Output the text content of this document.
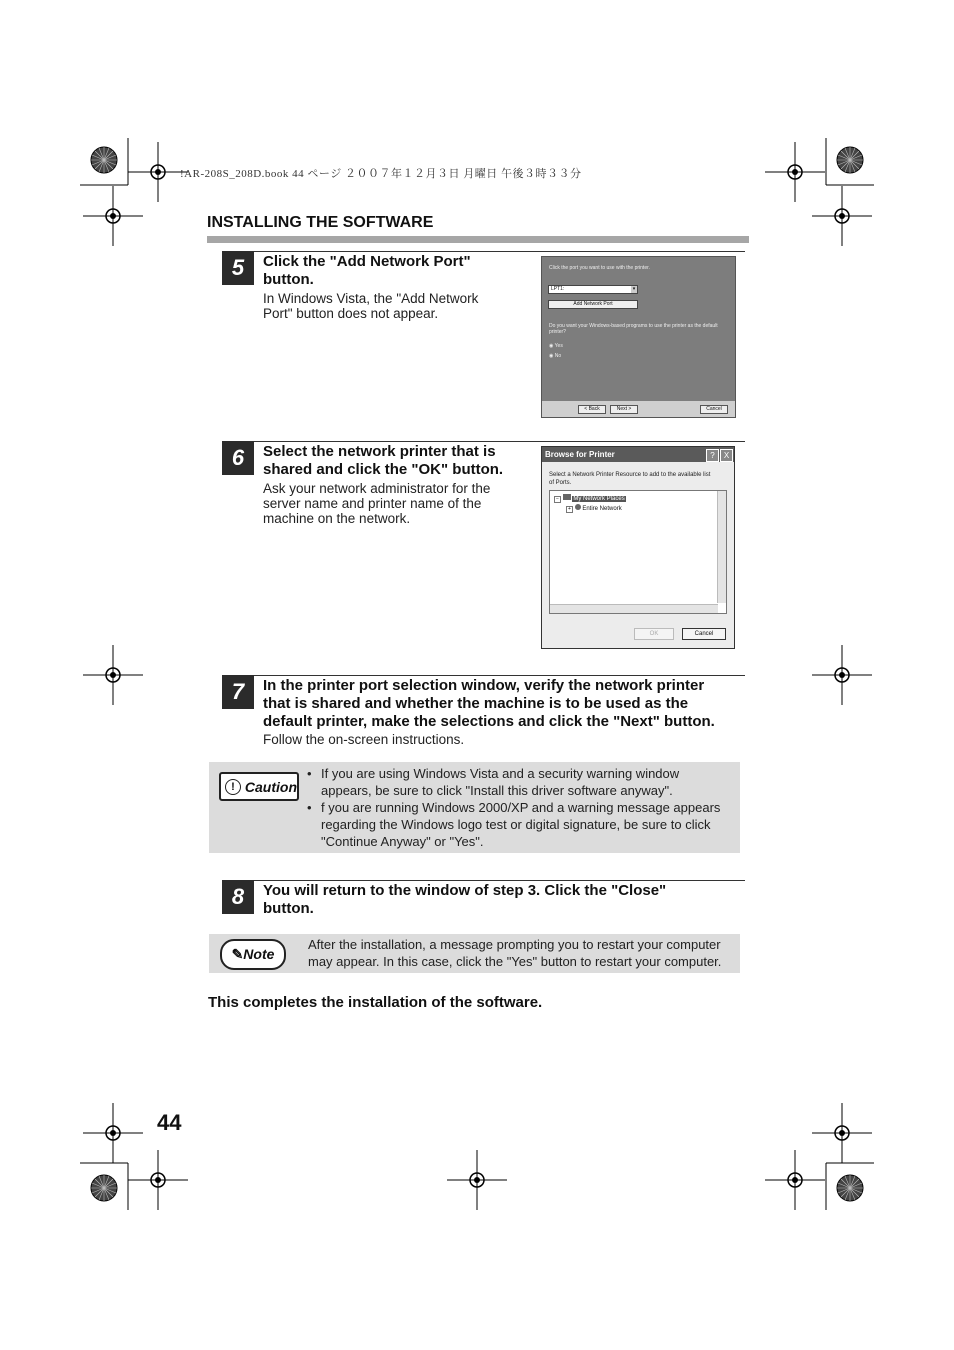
!AR-208S_208D.book 44 ページ ２００７年１２月３日 月曜日 午後３時３３分
INSTALLING THE SOFTWARE
5	Click the "Add Network Port"
button.
In Windows Vista, the "Add Network
Port" button does not appear.
Click the port you want to use with the printer.
LPT1:	▾
Add Network Port
Do you want your Windows-based programs to use the printer as the default printer?
◉ Yes
◉ No
< Back	Next >	Cancel
6	Select the network printer that is
shared and click the "OK" button.
Ask your network administrator for the
server name and printer name of the
machine on the network.
Browse for Printer	?	X
Select a Network Printer Resource to add to the available list
of Ports.
− My Network Places
+ Entire Network
OK	Cancel
7	In the printer port selection window, verify the network printer
that is shared and whether the machine is to be used as the
default printer, make the selections and click the "Next" button.
Follow the on-screen instructions.
! Caution
• If you are using Windows Vista and a security warning window
appears, be sure to click "Install this driver software anyway".
• f you are running Windows 2000/XP and a warning message appears
regarding the Windows logo test or digital signature, be sure to click
"Continue Anyway" or "Yes".
8	You will return to the window of step 3. Click the "Close"
button.
✎Note
After the installation, a message prompting you to restart your computer
may appear. In this case, click the "Yes" button to restart your computer.
This completes the installation of the software.
44
